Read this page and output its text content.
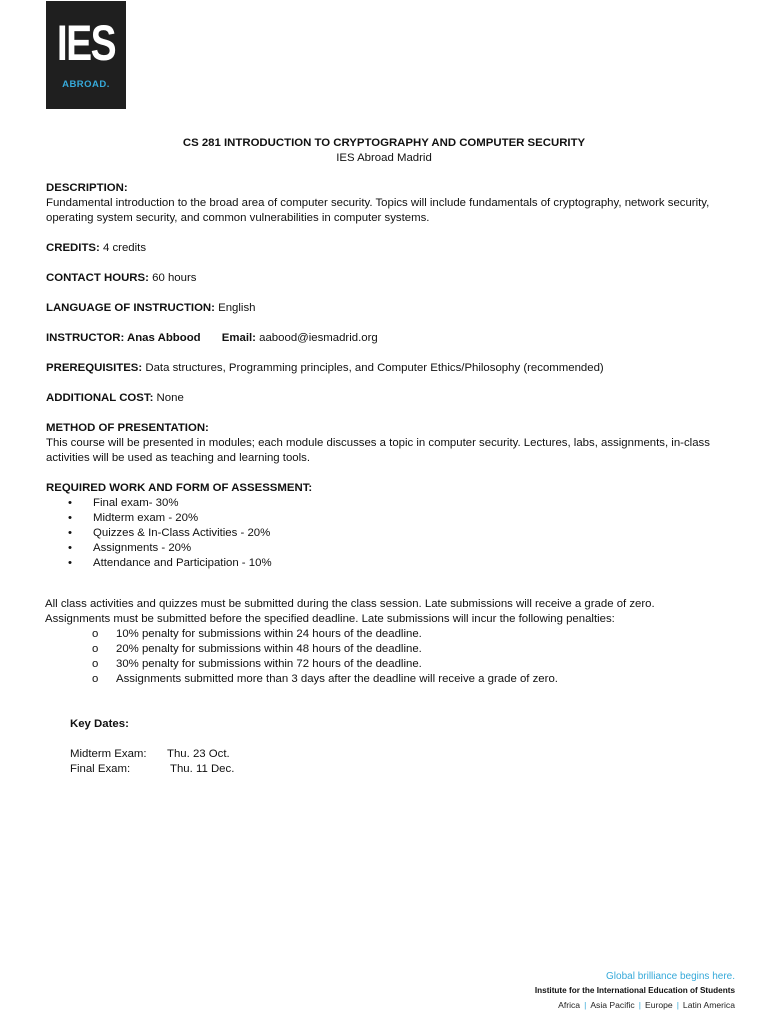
IES
ABROAD.
CS 281 INTRODUCTION TO CRYPTOGRAPHY AND COMPUTER SECURITY
IES Abroad Madrid
DESCRIPTION:
Fundamental introduction to the broad area of computer security. Topics will include fundamentals of cryptography, network security, operating system security, and common vulnerabilities in computer systems.
CREDITS: 4 credits
CONTACT HOURS: 60 hours
LANGUAGE OF INSTRUCTION: English
INSTRUCTOR: Anas Abbood Email: aabood@iesmadrid.org
PREREQUISITES: Data structures, Programming principles, and Computer Ethics/Philosophy (recommended)
ADDITIONAL COST: None
METHOD OF PRESENTATION:
This course will be presented in modules; each module discusses a topic in computer security. Lectures, labs, assignments, in-class activities will be used as teaching and learning tools.
REQUIRED WORK AND FORM OF ASSESSMENT:
• Final exam- 30%
• Midterm exam - 20%
• Quizzes & In-Class Activities - 20%
• Assignments - 20%
• Attendance and Participation - 10%
All class activities and quizzes must be submitted during the class session. Late submissions will receive a grade of zero.
Assignments must be submitted before the specified deadline. Late submissions will incur the following penalties:
o 10% penalty for submissions within 24 hours of the deadline.
o 20% penalty for submissions within 48 hours of the deadline.
o 30% penalty for submissions within 72 hours of the deadline.
o Assignments submitted more than 3 days after the deadline will receive a grade of zero.
Key Dates:
Midterm Exam:	Thu. 23 Oct.
Final Exam:	Thu. 11 Dec.
Global brilliance begins here.
Institute for the International Education of Students
Africa | Asia Pacific | Europe | Latin America
